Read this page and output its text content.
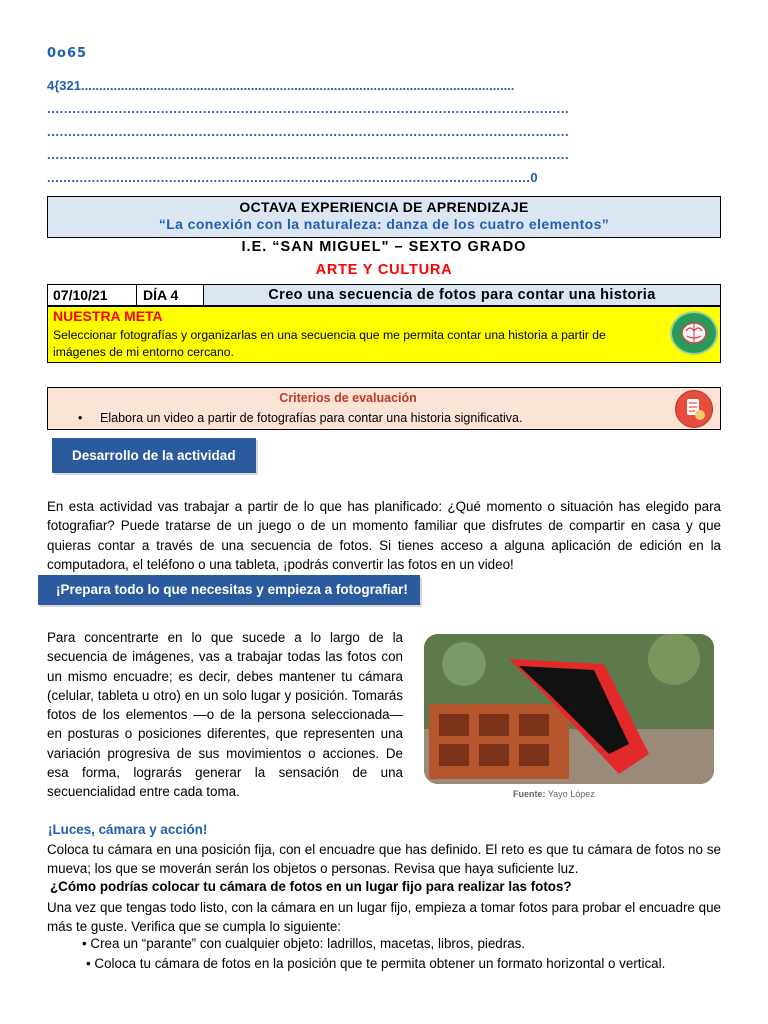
0o65
4{321........................................................................................................................
............................................................................................................................
............................................................................................................................
............................................................................................................................
.......................................................................................................................0
OCTAVA EXPERIENCIA DE APRENDIZAJE
“La conexión con la naturaleza: danza de los cuatro elementos”
I.E. “SAN MIGUEL" – SEXTO GRADO
ARTE Y CULTURA
07/10/21	DÍA 4	Creo una secuencia de fotos para contar una historia
NUESTRA META
Seleccionar fotografías y organizarlas en una secuencia que me permita contar una historia a partir de imágenes de mi entorno cercano.
Criterios de evaluación
• Elabora un video a partir de fotografías para contar una historia significativa.
Desarrollo de la actividad
En esta actividad vas trabajar a partir de lo que has planificado: ¿Qué momento o situación has elegido para fotografiar? Puede tratarse de un juego o de un momento familiar que disfrutes de compartir en casa y que quieras contar a través de una secuencia de fotos. Si tienes acceso a alguna aplicación de edición en la computadora, el teléfono o una tableta, ¡podrás convertir las fotos en un video!
¡Prepara todo lo que necesitas y empieza a fotografiar!
Para concentrarte en lo que sucede a lo largo de la secuencia de imágenes, vas a trabajar todas las fotos con un mismo encuadre; es decir, debes mantener tu cámara (celular, tableta u otro) en un solo lugar y posición. Tomarás fotos de los elementos —o de la persona seleccionada— en posturas o posiciones diferentes, que representen una variación progresiva de sus movimientos o acciones. De esa forma, lograrás generar la sensación de una secuencialidad entre cada toma.	Fuente: Yayo López
¡Luces, cámara y acción!
Coloca tu cámara en una posición fija, con el encuadre que has definido. El reto es que tu cámara de fotos no se mueva; los que se moverán serán los objetos o personas. Revisa que haya suficiente luz.
¿Cómo podrías colocar tu cámara de fotos en un lugar fijo para realizar las fotos?
Una vez que tengas todo listo, con la cámara en un lugar fijo, empieza a tomar fotos para probar el encuadre que más te guste. Verifica que se cumpla lo siguiente:
• Crea un “parante” con cualquier objeto: ladrillos, macetas, libros, piedras.
• Coloca tu cámara de fotos en la posición que te permita obtener un formato horizontal o vertical.
